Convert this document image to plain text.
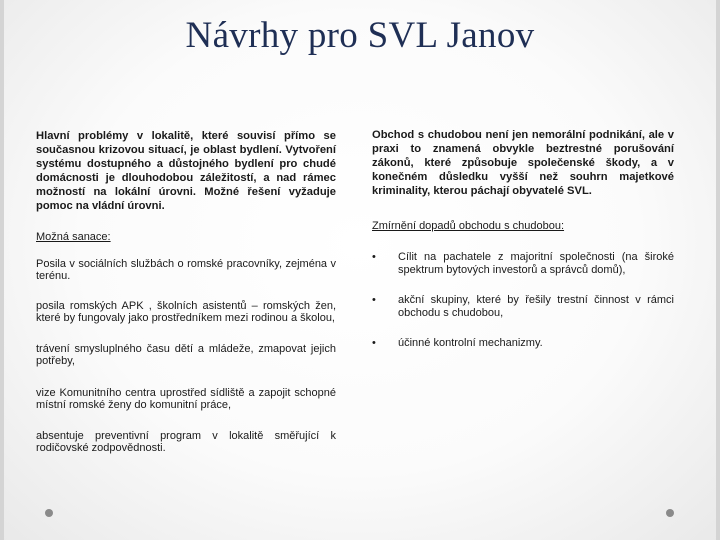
Návrhy pro SVL Janov

Hlavní problémy v lokalitě, které souvisí přímo se současnou krizovou situací, je oblast bydlení. Vytvoření systému dostupného a důstojného bydlení pro chudé domácnosti je dlouhodobou záležitostí, a nad rámec možností na lokální úrovni. Možné řešení vyžaduje pomoc na vládní úrovni.

Možná sanace:

Posila v sociálních službách o romské pracovníky, zejména v terénu.

posila romských APK , školních asistentů – romských žen, které by fungovaly jako prostředníkem mezi rodinou a školou,

trávení smysluplného času dětí a mládeže, zmapovat jejich potřeby,

vize Komunitního centra uprostřed sídliště a zapojit schopné místní romské ženy do komunitní práce,

absentuje preventivní program v lokalitě směřující k rodičovské zodpovědnosti.

Obchod s chudobou není jen nemorální podnikání, ale v praxi to znamená obvykle beztrestné porušování zákonů, které způsobuje společenské škody, a v konečném důsledku vyšší než souhrn majetkové kriminality, kterou páchají obyvatelé SVL.

Zmírnění dopadů obchodu s chudobou:
•	Cílit na pachatele z majoritní společnosti (na široké spektrum bytových investorů a správců domů),
•	akční skupiny, které by řešily trestní činnost v rámci obchodu s chudobou,
•	účinné kontrolní mechanizmy.
